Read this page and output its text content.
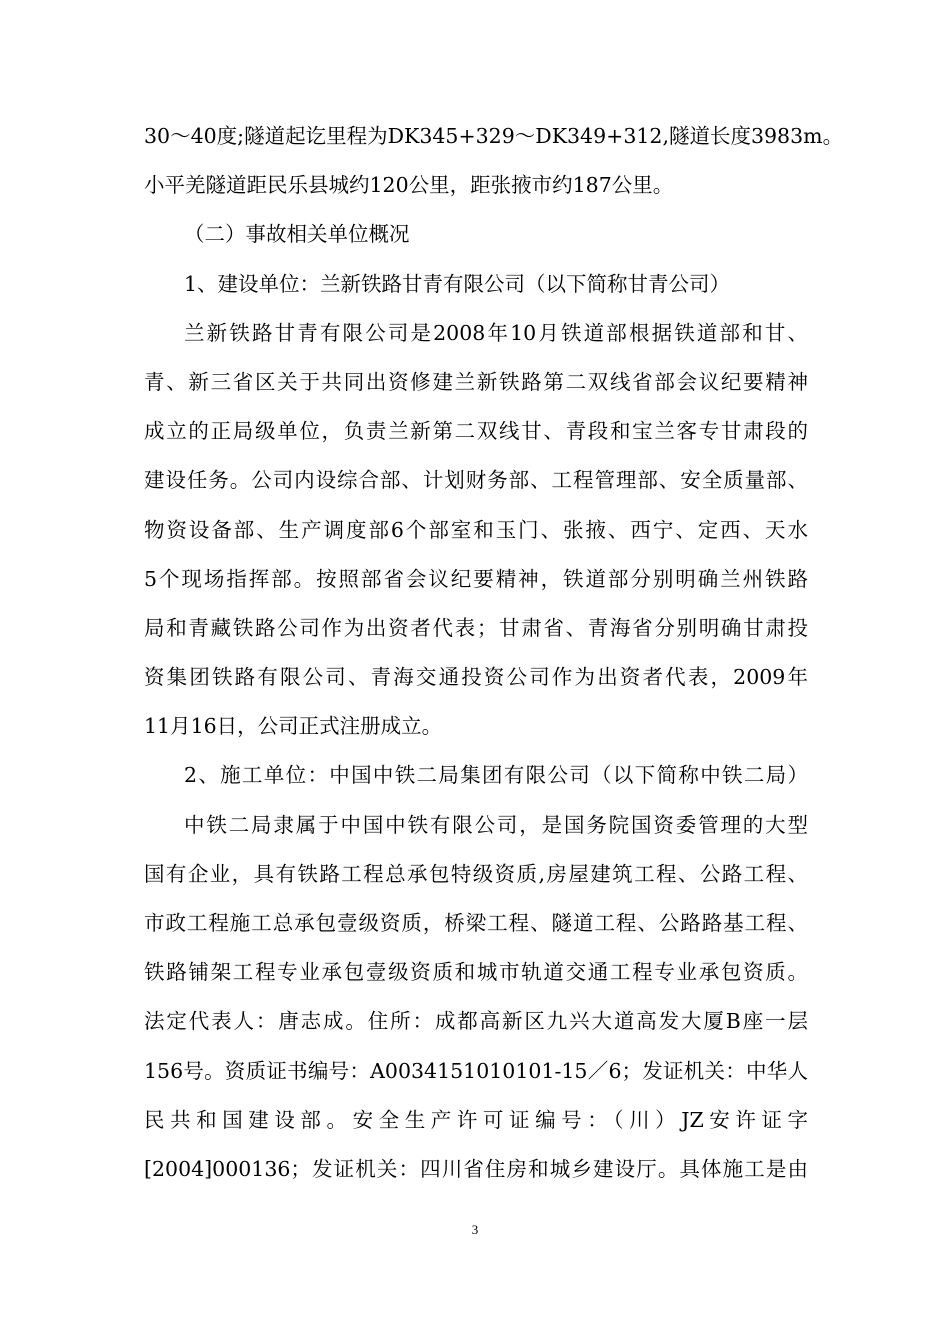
30～40度;隧道起讫里程为DK345+329～DK349+312,隧道长度3983m。
小平羌隧道距民乐县城约120公里，距张掖市约187公里。
（二）事故相关单位概况
1、建设单位：兰新铁路甘青有限公司（以下简称甘青公司）
兰新铁路甘青有限公司是2008年10月铁道部根据铁道部和甘、
青、新三省区关于共同出资修建兰新铁路第二双线省部会议纪要精神
成立的正局级单位，负责兰新第二双线甘、青段和宝兰客专甘肃段的
建设任务。公司内设综合部、计划财务部、工程管理部、安全质量部、
物资设备部、生产调度部6个部室和玉门、张掖、西宁、定西、天水
5个现场指挥部。按照部省会议纪要精神，铁道部分别明确兰州铁路
局和青藏铁路公司作为出资者代表；甘肃省、青海省分别明确甘肃投
资集团铁路有限公司、青海交通投资公司作为出资者代表，2009年
11月16日，公司正式注册成立。
2、施工单位：中国中铁二局集团有限公司（以下简称中铁二局）
中铁二局隶属于中国中铁有限公司，是国务院国资委管理的大型
国有企业，具有铁路工程总承包特级资质,房屋建筑工程、公路工程、
市政工程施工总承包壹级资质，桥梁工程、隧道工程、公路路基工程、
铁路铺架工程专业承包壹级资质和城市轨道交通工程专业承包资质。
法定代表人：唐志成。住所：成都高新区九兴大道高发大厦B座一层
156号。资质证书编号：A0034151010101-15／6；发证机关：中华人
民共和国建设部。安全生产许可证编号：（川）JZ安许证字
[2004]000136；发证机关：四川省住房和城乡建设厅。具体施工是由
3
